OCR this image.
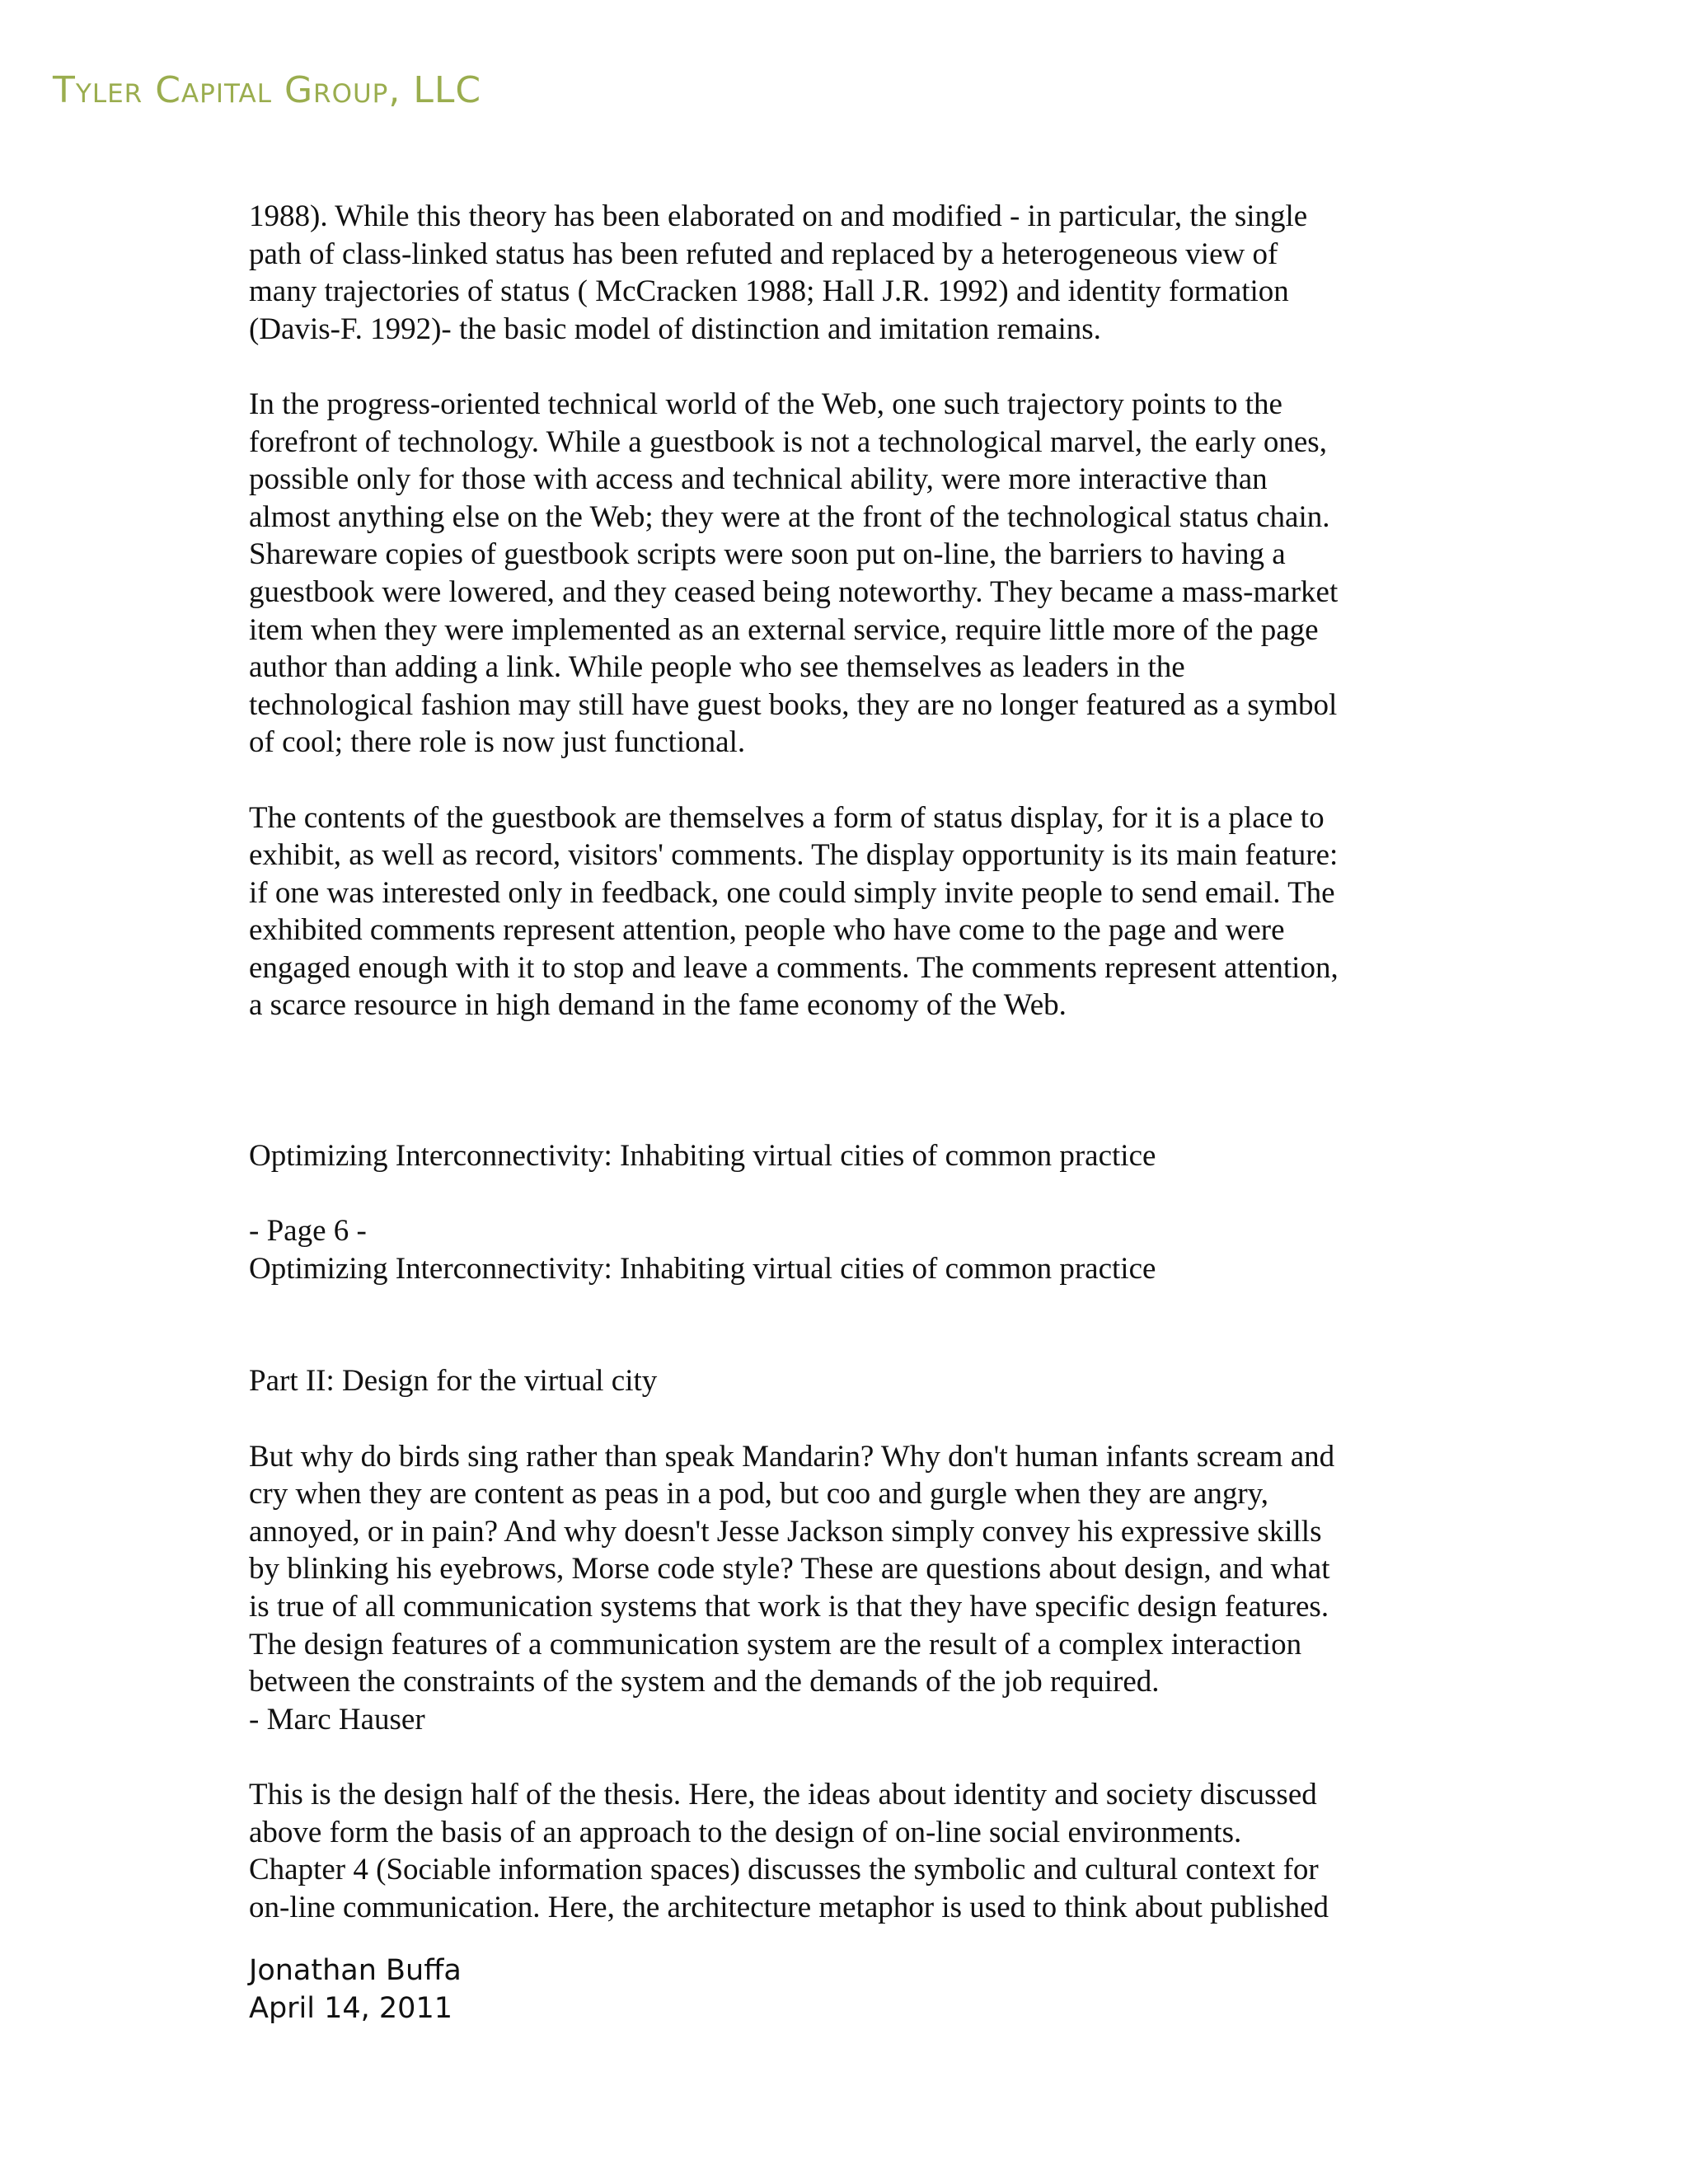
Tyler Capital Group, LLC

1988). While this theory has been elaborated on and modified - in particular, the single
path of class-linked status has been refuted and replaced by a heterogeneous view of
many trajectories of status ( McCracken 1988; Hall J.R. 1992) and identity formation
(Davis-F. 1992)- the basic model of distinction and imitation remains.

In the progress-oriented technical world of the Web, one such trajectory points to the
forefront of technology. While a guestbook is not a technological marvel, the early ones,
possible only for those with access and technical ability, were more interactive than
almost anything else on the Web; they were at the front of the technological status chain.
Shareware copies of guestbook scripts were soon put on-line, the barriers to having a
guestbook were lowered, and they ceased being noteworthy. They became a mass-market
item when they were implemented as an external service, require little more of the page
author than adding a link. While people who see themselves as leaders in the
technological fashion may still have guest books, they are no longer featured as a symbol
of cool; there role is now just functional.

The contents of the guestbook are themselves a form of status display, for it is a place to
exhibit, as well as record, visitors' comments. The display opportunity is its main feature:
if one was interested only in feedback, one could simply invite people to send email. The
exhibited comments represent attention, people who have come to the page and were
engaged enough with it to stop and leave a comments. The comments represent attention,
a scarce resource in high demand in the fame economy of the Web.

Optimizing Interconnectivity: Inhabiting virtual cities of common practice

- Page 6 -

Optimizing Interconnectivity: Inhabiting virtual cities of common practice

Part II: Design for the virtual city

But why do birds sing rather than speak Mandarin? Why don't human infants scream and
cry when they are content as peas in a pod, but coo and gurgle when they are angry,
annoyed, or in pain? And why doesn't Jesse Jackson simply convey his expressive skills
by blinking his eyebrows, Morse code style? These are questions about design, and what
is true of all communication systems that work is that they have specific design features.
The design features of a communication system are the result of a complex interaction
between the constraints of the system and the demands of the job required.

- Marc Hauser

This is the design half of the thesis. Here, the ideas about identity and society discussed
above form the basis of an approach to the design of on-line social environments.
Chapter 4 (Sociable information spaces) discusses the symbolic and cultural context for
on-line communication. Here, the architecture metaphor is used to think about published

Jonathan Buffa
April 14, 2011
